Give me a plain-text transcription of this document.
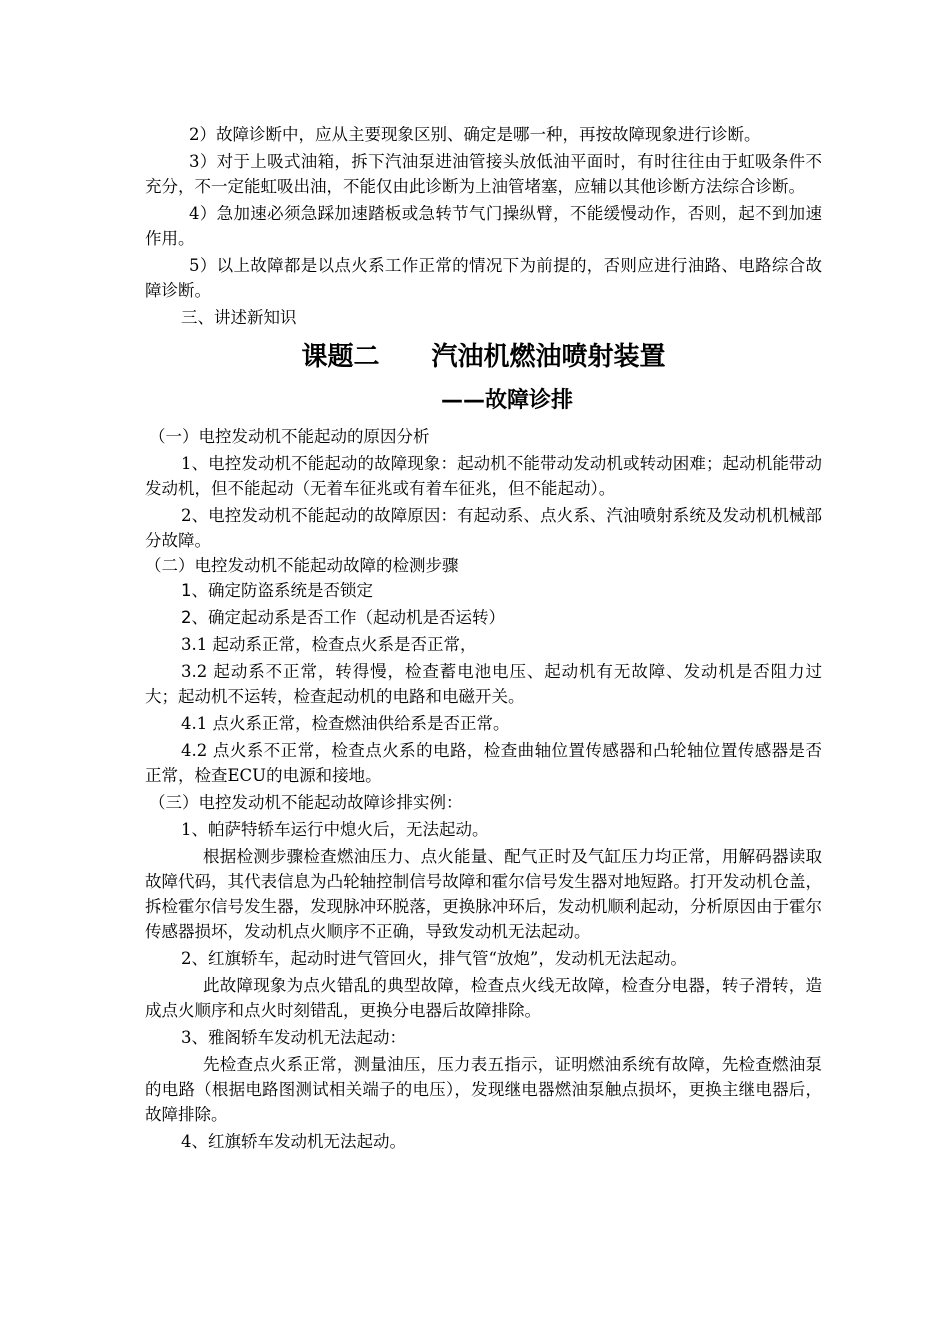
2）故障诊断中，应从主要现象区别、确定是哪一种，再按故障现象进行诊断。

3）对于上吸式油箱，拆下汽油泵进油管接头放低油平面时，有时往往由于虹吸条件不充分，不一定能虹吸出油，不能仅由此诊断为上油管堵塞，应辅以其他诊断方法综合诊断。

4）急加速必须急踩加速踏板或急转节气门操纵臂，不能缓慢动作，否则，起不到加速作用。

5）以上故障都是以点火系工作正常的情况下为前提的，否则应进行油路、电路综合故障诊断。

三、讲述新知识

课题二　　汽油机燃油喷射装置

——故障诊排

（一）电控发动机不能起动的原因分析

1、电控发动机不能起动的故障现象：起动机不能带动发动机或转动困难；起动机能带动发动机，但不能起动（无着车征兆或有着车征兆，但不能起动）。

2、电控发动机不能起动的故障原因：有起动系、点火系、汽油喷射系统及发动机机械部分故障。

（二）电控发动机不能起动故障的检测步骤

1、确定防盗系统是否锁定

2、确定起动系是否工作（起动机是否运转）

3.1 起动系正常，检查点火系是否正常，

3.2 起动系不正常，转得慢，检查蓄电池电压、起动机有无故障、发动机是否阻力过大；起动机不运转，检查起动机的电路和电磁开关。

4.1 点火系正常，检查燃油供给系是否正常。

4.2 点火系不正常，检查点火系的电路，检查曲轴位置传感器和凸轮轴位置传感器是否正常，检查ECU的电源和接地。

（三）电控发动机不能起动故障诊排实例：

1、帕萨特轿车运行中熄火后，无法起动。

根据检测步骤检查燃油压力、点火能量、配气正时及气缸压力均正常，用解码器读取故障代码，其代表信息为凸轮轴控制信号故障和霍尔信号发生器对地短路。打开发动机仓盖，拆检霍尔信号发生器，发现脉冲环脱落，更换脉冲环后，发动机顺利起动，分析原因由于霍尔传感器损坏，发动机点火顺序不正确，导致发动机无法起动。

2、红旗轿车，起动时进气管回火，排气管“放炮”，发动机无法起动。

此故障现象为点火错乱的典型故障，检查点火线无故障，检查分电器，转子滑转，造成点火顺序和点火时刻错乱，更换分电器后故障排除。

3、雅阁轿车发动机无法起动：

先检查点火系正常，测量油压，压力表五指示，证明燃油系统有故障，先检查燃油泵的电路（根据电路图测试相关端子的电压），发现继电器燃油泵触点损坏，更换主继电器后，故障排除。

4、红旗轿车发动机无法起动。
